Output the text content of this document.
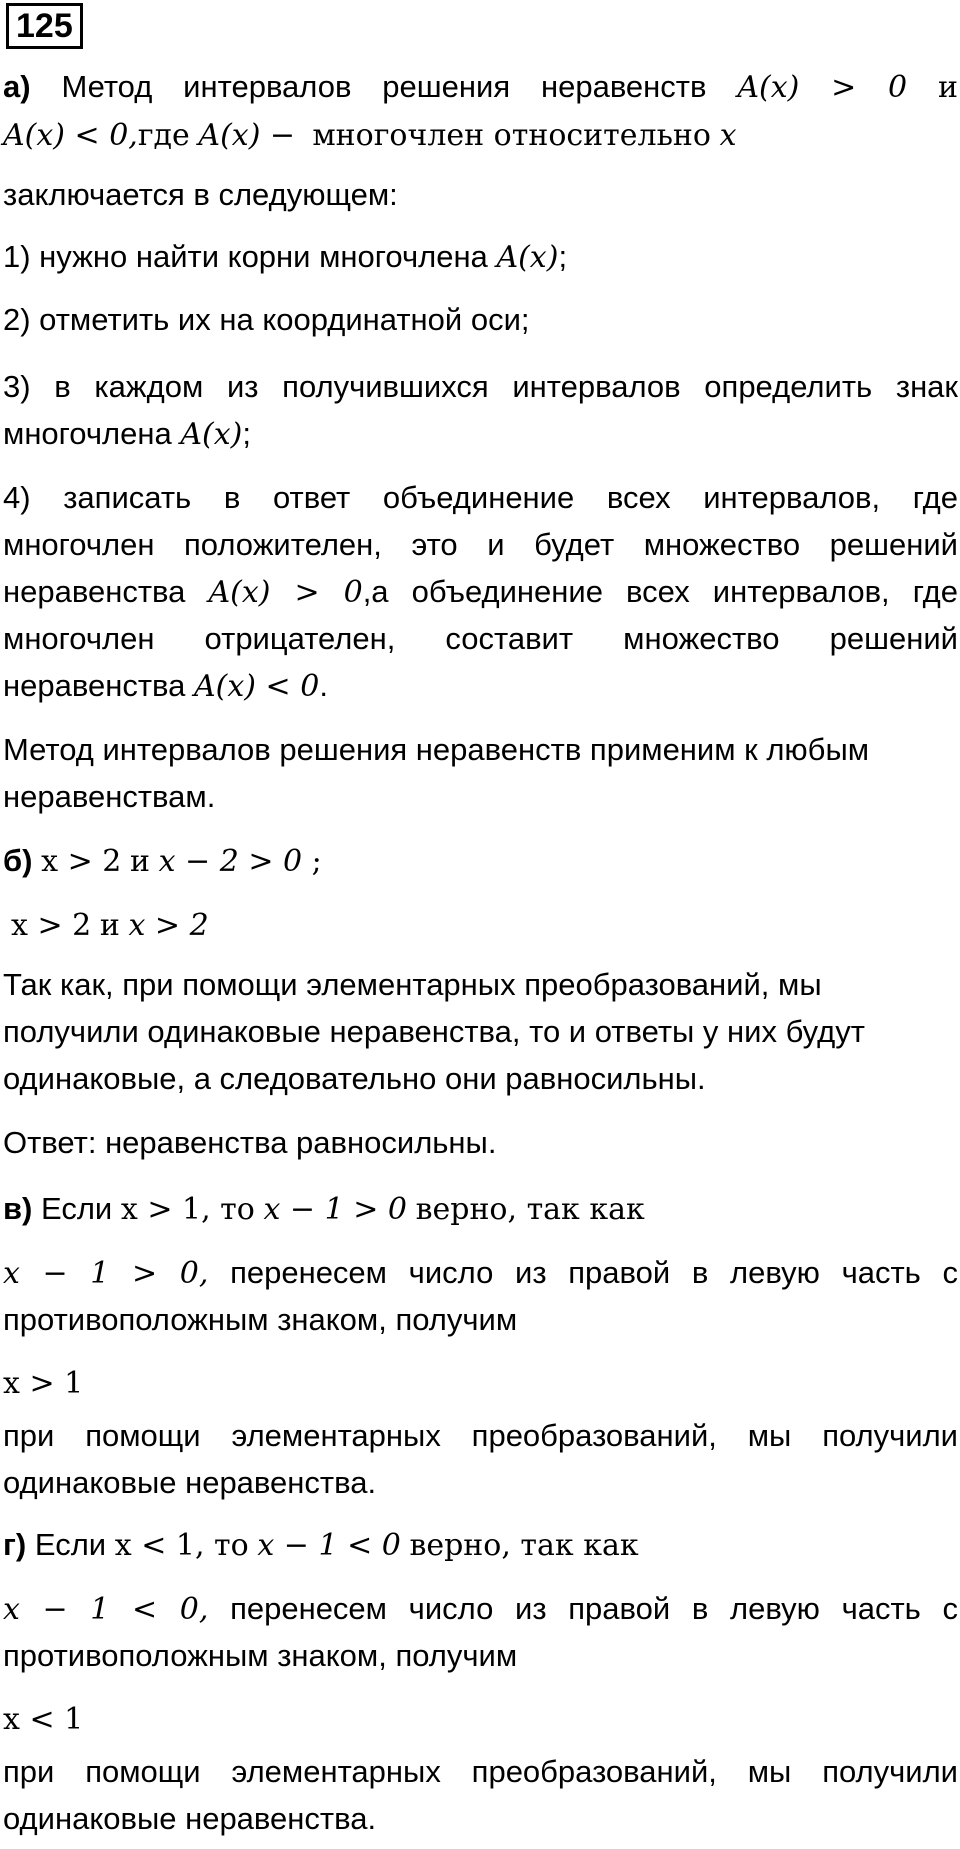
125
а) Метод интервалов решения неравенств A(x) > 0 и
A(x) < 0,где A(x) − многочлен относительно x
заключается в следующем:
1) нужно найти корни многочлена A(x);
2) отметить их на координатной оси;
3) в каждом из получившихся интервалов определить знак
многочлена A(x);
4) записать в ответ объединение всех интервалов, где
многочлен положителен, это и будет множество решений
неравенства A(x) > 0,а объединение всех интервалов, где
многочлен отрицателен, составит множество решений
неравенства A(x) < 0.
Метод интервалов решения неравенств применим к любым
неравенствам.
б) x > 2 и x − 2 > 0 ;
x > 2 и x > 2
Так как, при помощи элементарных преобразований, мы
получили одинаковые неравенства, то и ответы у них будут
одинаковые, а следовательно они равносильны.
Ответ: неравенства равносильны.
в) Если x > 1, то x − 1 > 0 верно, так как
x − 1 > 0, перенесем число из правой в левую часть с
противоположным знаком, получим
x > 1
при помощи элементарных преобразований, мы получили
одинаковые неравенства.
г) Если x < 1, то x − 1 < 0 верно, так как
x − 1 < 0, перенесем число из правой в левую часть с
противоположным знаком, получим
x < 1
при помощи элементарных преобразований, мы получили
одинаковые неравенства.
